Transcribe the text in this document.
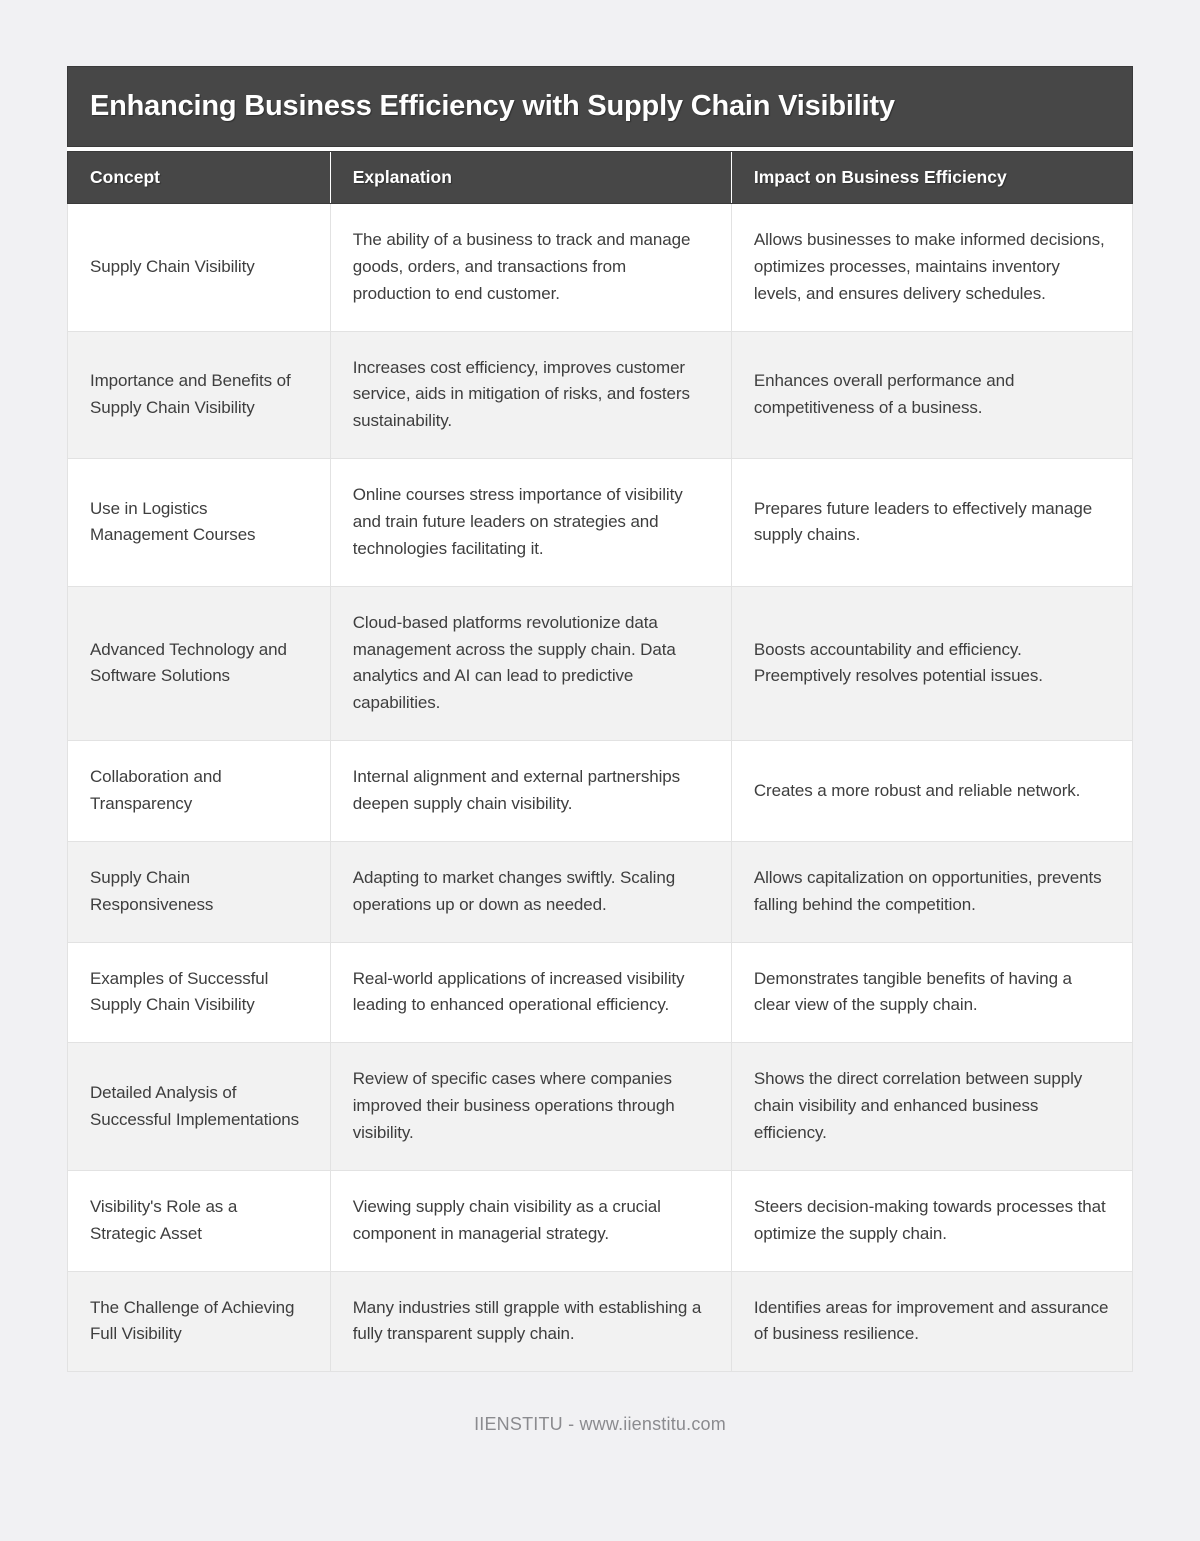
Enhancing Business Efficiency with Supply Chain Visibility
Concept	Explanation	Impact on Business Efficiency
Supply Chain Visibility
The ability of a business to track and manage goods, orders, and transactions from production to end customer.
Allows businesses to make informed decisions, optimizes processes, maintains inventory levels, and ensures delivery schedules.
Importance and Benefits of Supply Chain Visibility
Increases cost efficiency, improves customer service, aids in mitigation of risks, and fosters sustainability.
Enhances overall performance and competitiveness of a business.
Use in Logistics Management Courses
Online courses stress importance of visibility and train future leaders on strategies and technologies facilitating it.
Prepares future leaders to effectively manage supply chains.
Advanced Technology and Software Solutions
Cloud-based platforms revolutionize data management across the supply chain. Data analytics and AI can lead to predictive capabilities.
Boosts accountability and efficiency. Preemptively resolves potential issues.
Collaboration and Transparency
Internal alignment and external partnerships deepen supply chain visibility.
Creates a more robust and reliable network.
Supply Chain Responsiveness
Adapting to market changes swiftly. Scaling operations up or down as needed.
Allows capitalization on opportunities, prevents falling behind the competition.
Examples of Successful Supply Chain Visibility
Real-world applications of increased visibility leading to enhanced operational efficiency.
Demonstrates tangible benefits of having a clear view of the supply chain.
Detailed Analysis of Successful Implementations
Review of specific cases where companies improved their business operations through visibility.
Shows the direct correlation between supply chain visibility and enhanced business efficiency.
Visibility's Role as a Strategic Asset
Viewing supply chain visibility as a crucial component in managerial strategy.
Steers decision-making towards processes that optimize the supply chain.
The Challenge of Achieving Full Visibility
Many industries still grapple with establishing a fully transparent supply chain.
Identifies areas for improvement and assurance of business resilience.
IIENSTITU - www.iienstitu.com
